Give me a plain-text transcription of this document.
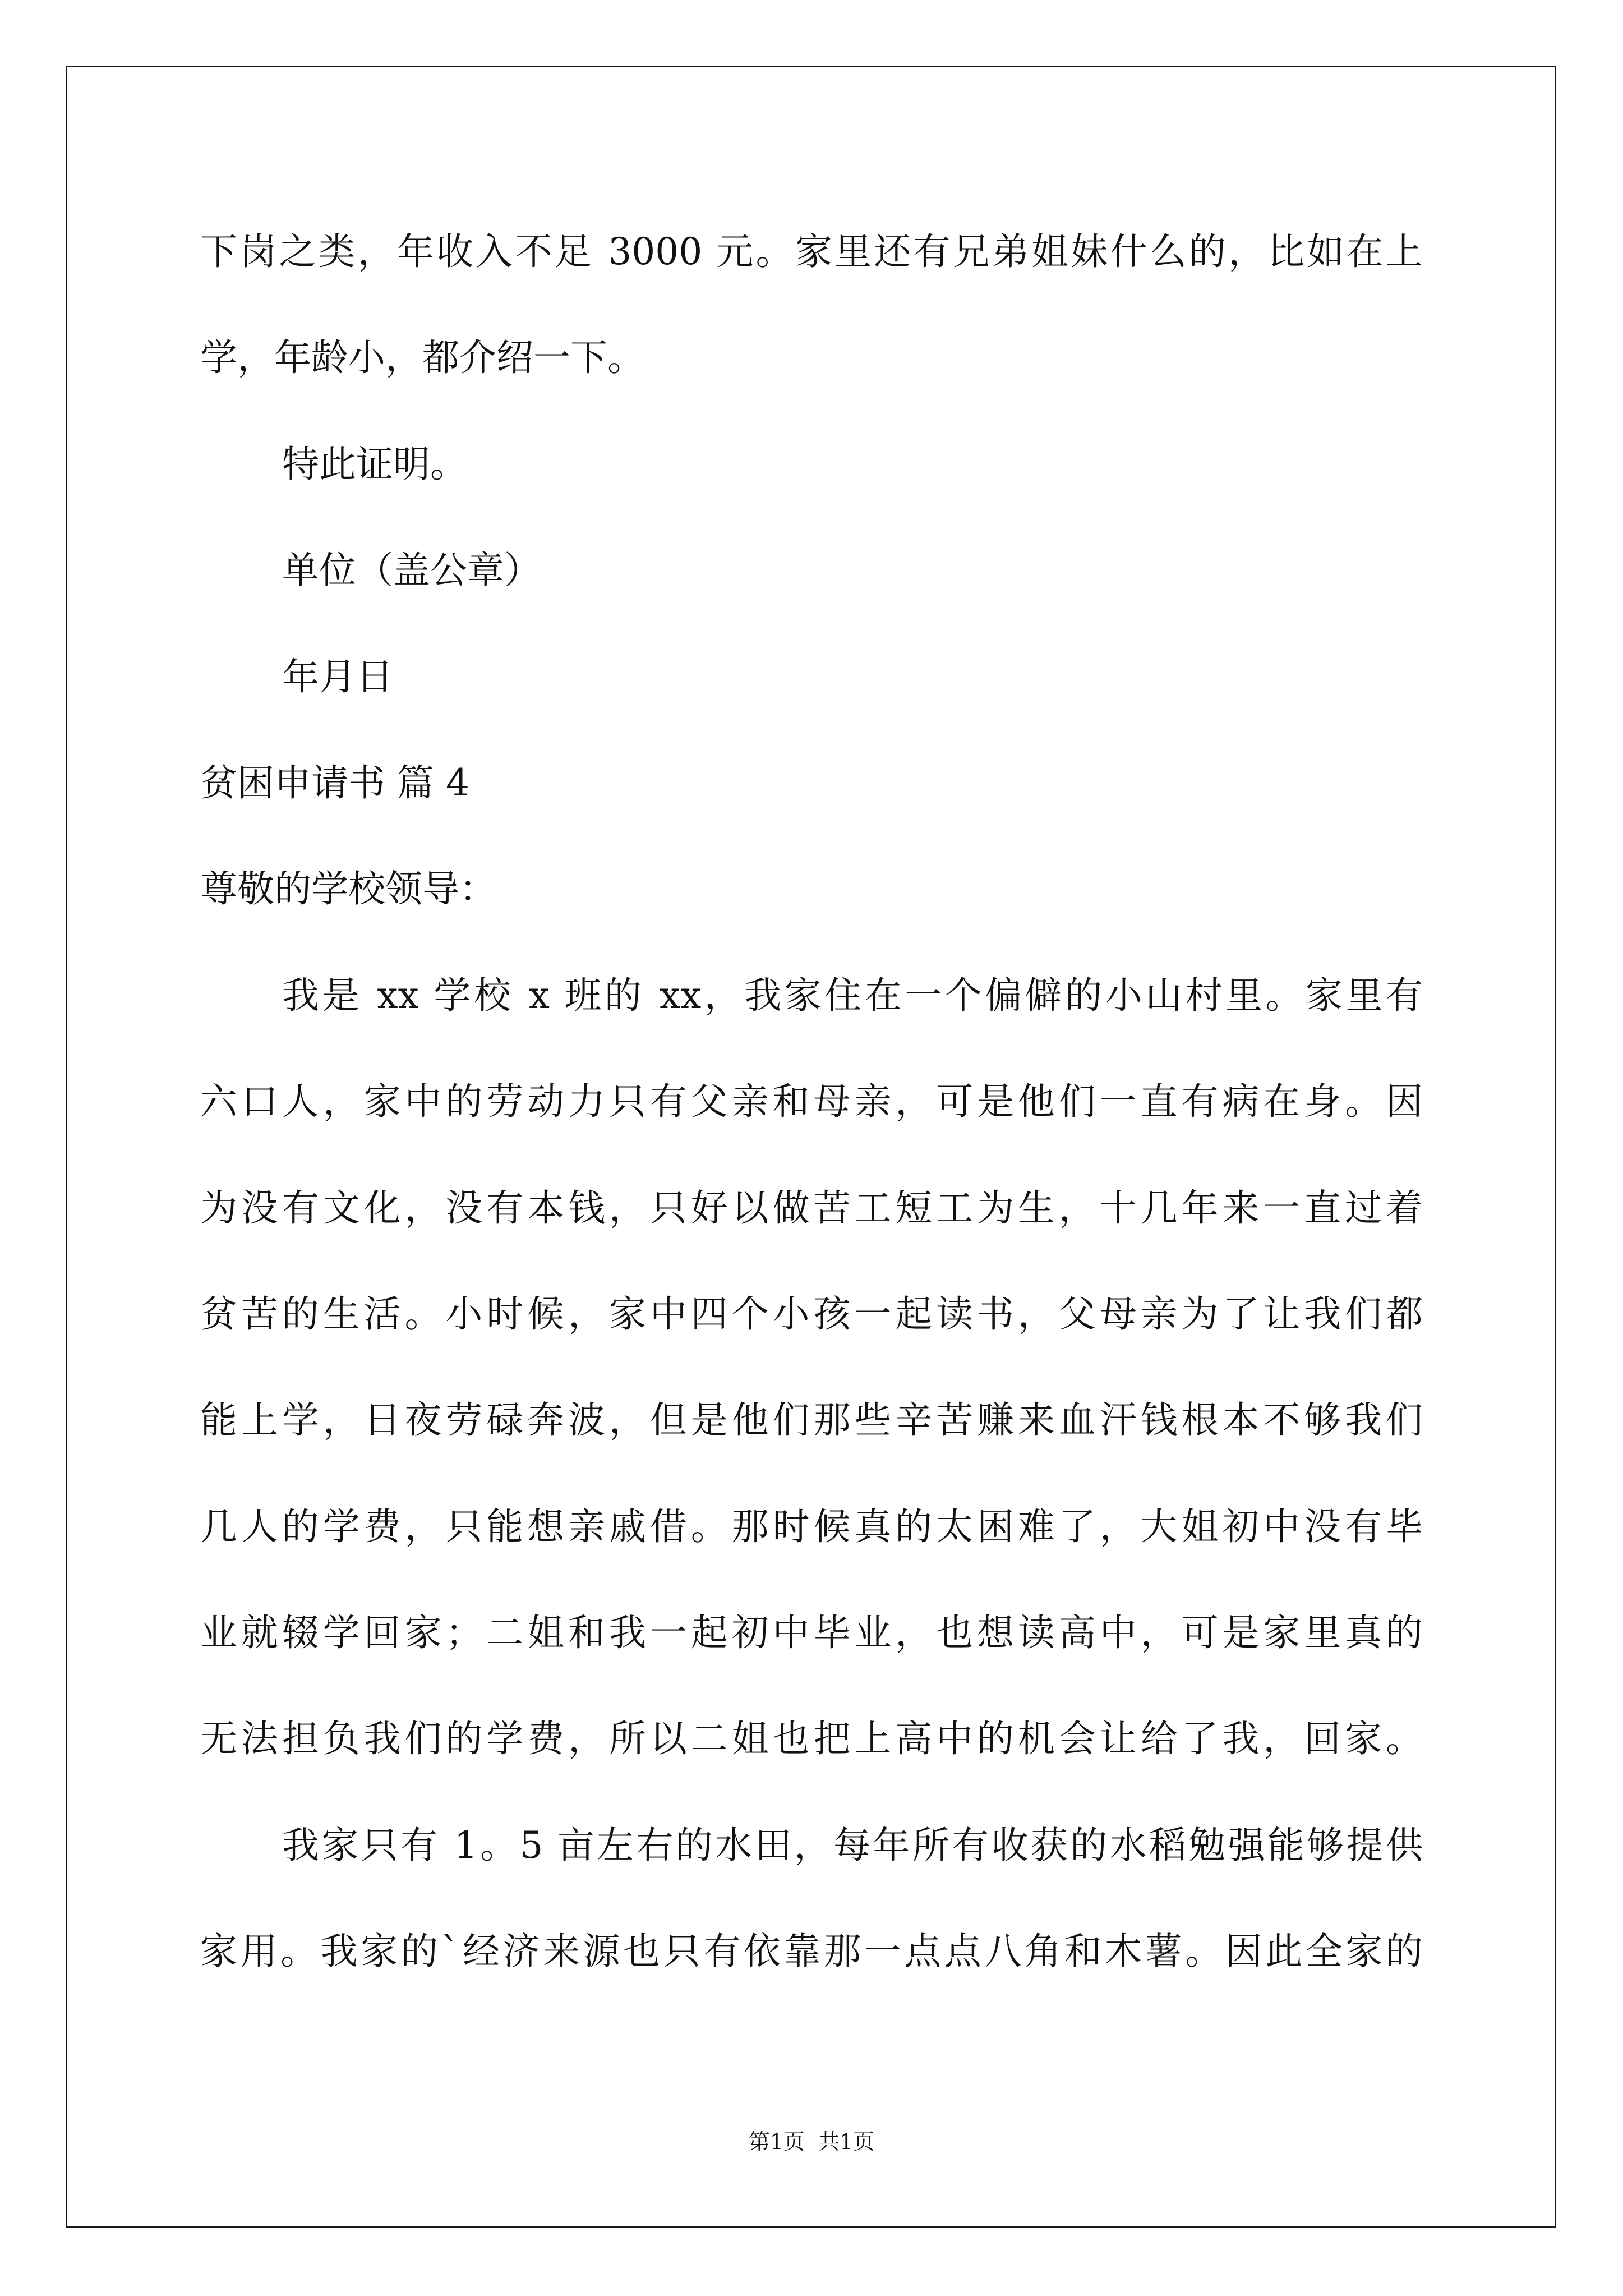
下岗之类，年收入不足 3000 元。家里还有兄弟姐妹什么的，比如在上
学，年龄小，都介绍一下。
特此证明。
单位（盖公章）
年月日
贫困申请书 篇 4
尊敬的学校领导：
我是 xx 学校 x 班的 xx，我家住在一个偏僻的小山村里。家里有
六口人，家中的劳动力只有父亲和母亲，可是他们一直有病在身。因
为没有文化，没有本钱，只好以做苦工短工为生，十几年来一直过着
贫苦的生活。小时候，家中四个小孩一起读书，父母亲为了让我们都
能上学，日夜劳碌奔波，但是他们那些辛苦赚来血汗钱根本不够我们
几人的学费，只能想亲戚借。那时候真的太困难了，大姐初中没有毕
业就辍学回家；二姐和我一起初中毕业，也想读高中，可是家里真的
无法担负我们的学费，所以二姐也把上高中的机会让给了我，回家。
我家只有 1。5 亩左右的水田，每年所有收获的水稻勉强能够提供
家用。我家的`经济来源也只有依靠那一点点八角和木薯。因此全家的
第1页  共1页
